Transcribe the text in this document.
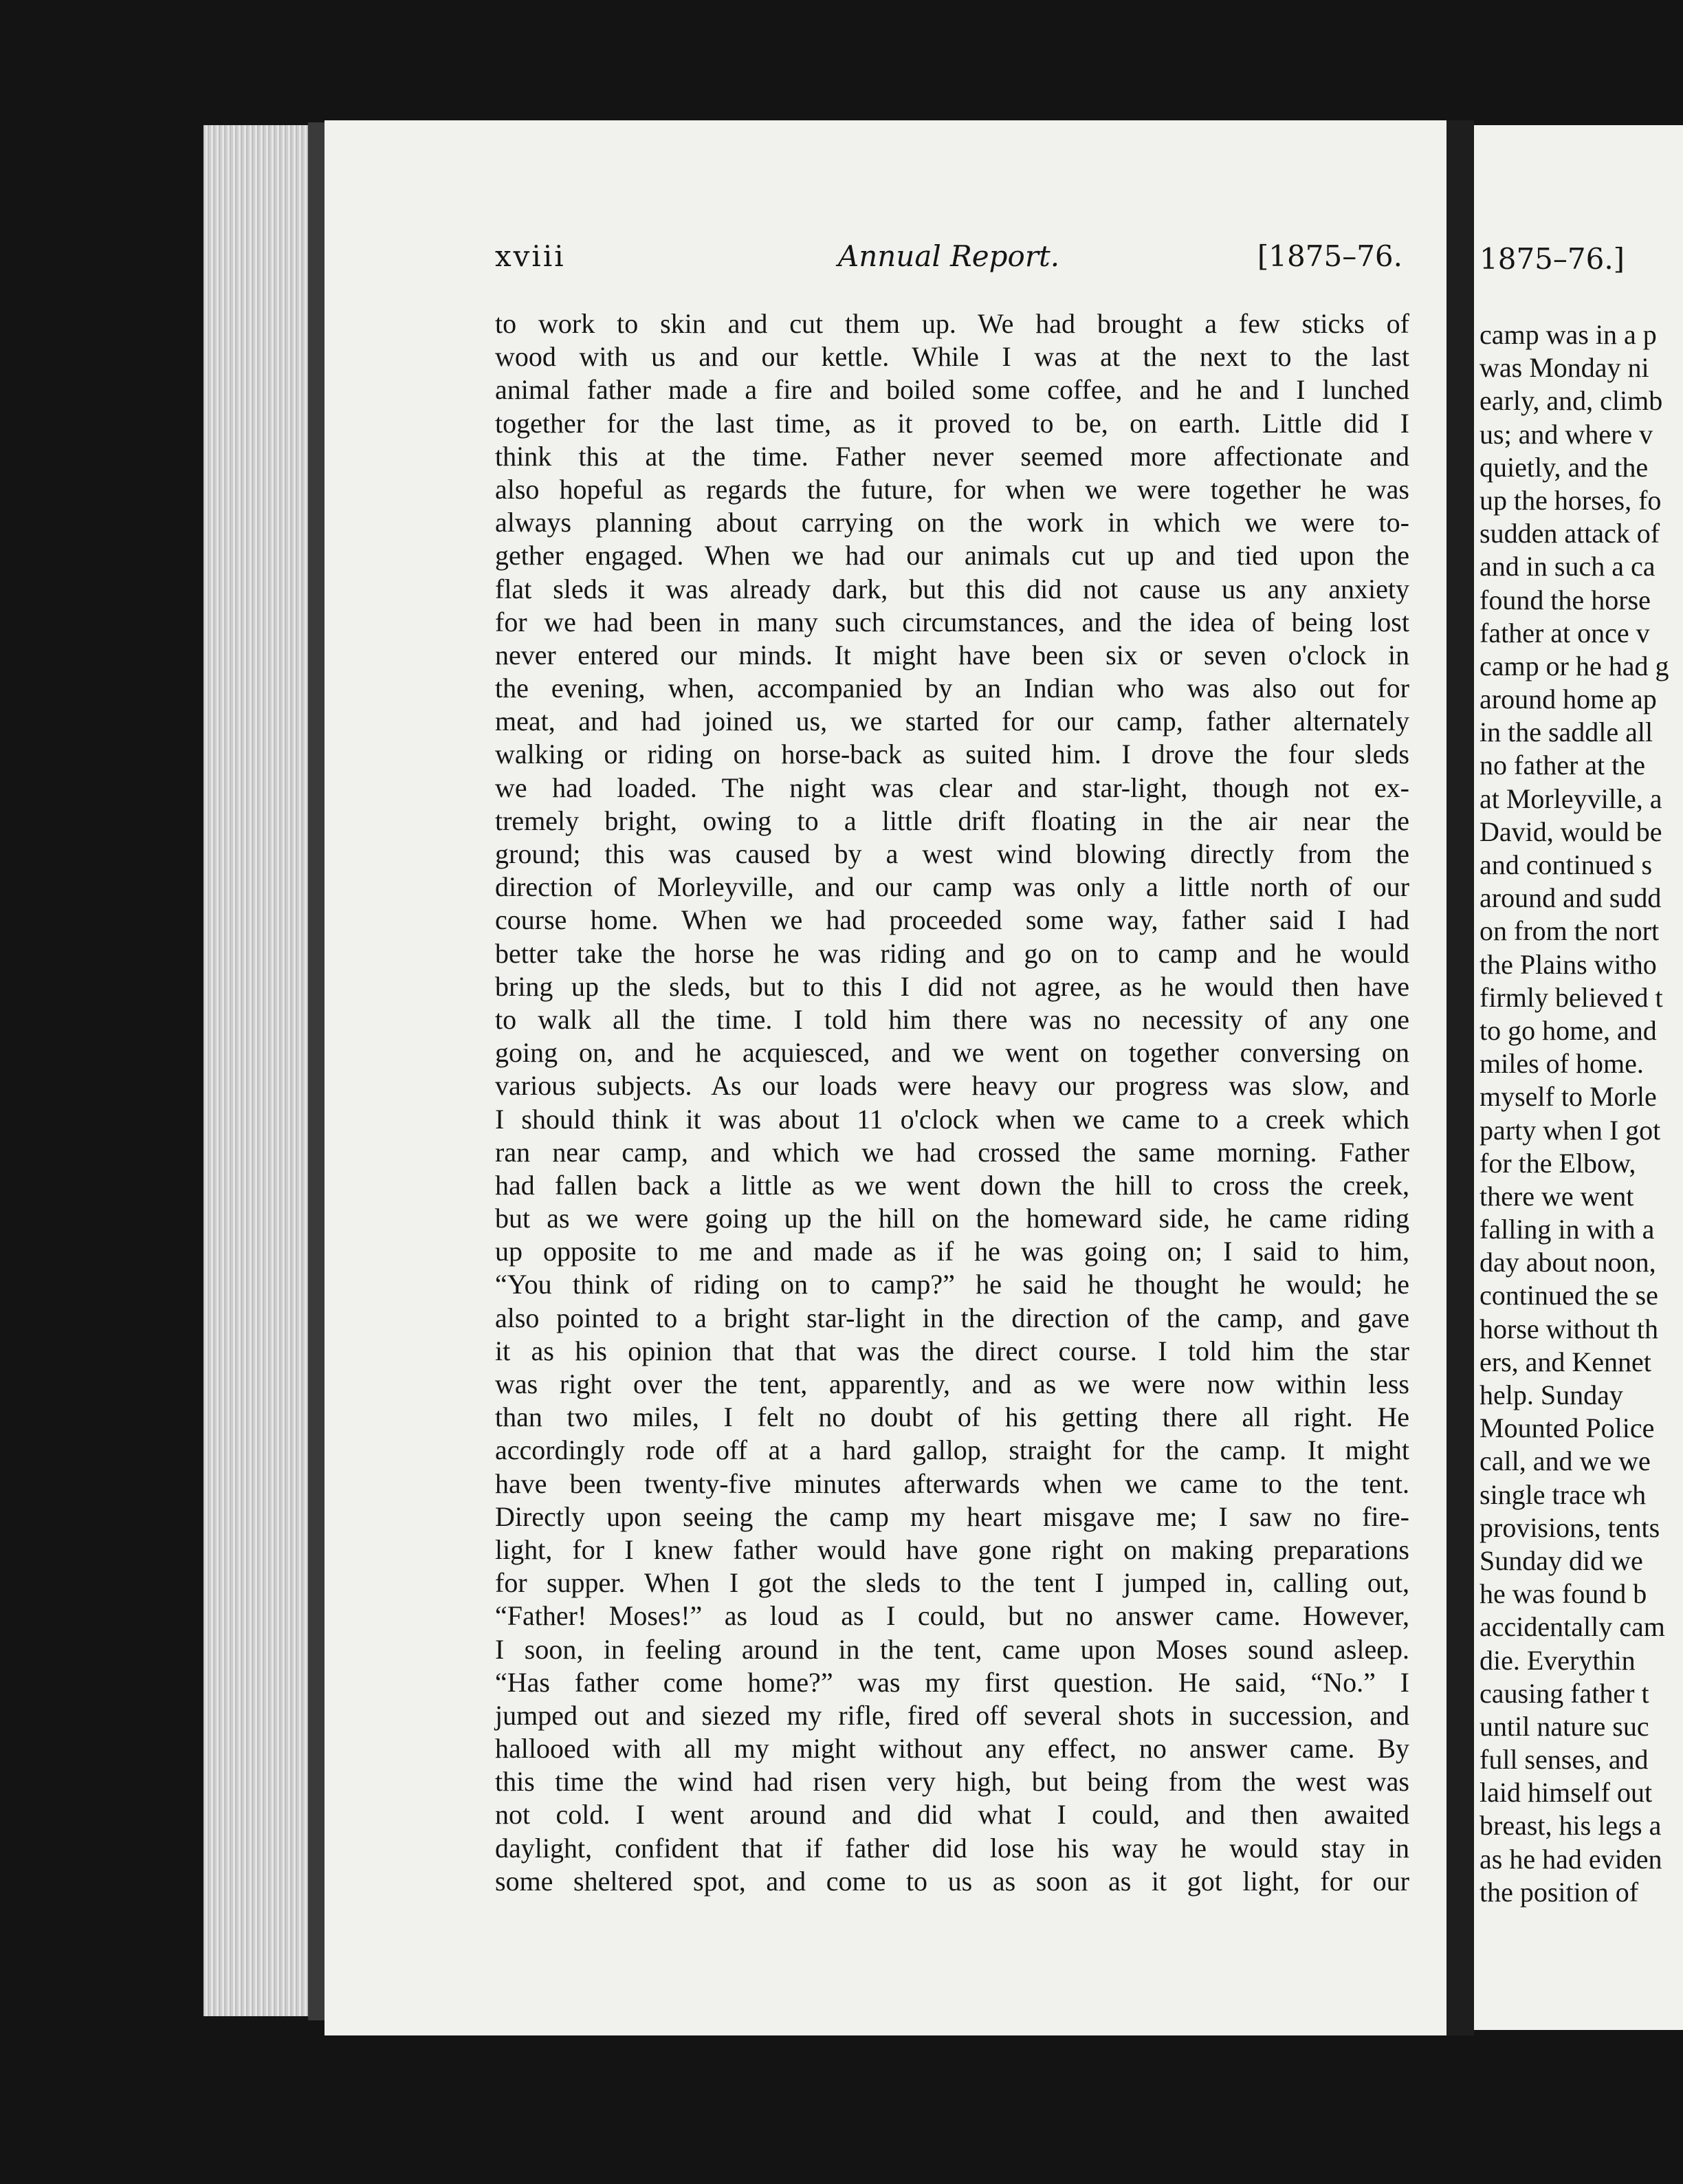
xviii	Annual Report.	[1875–76.
to work to skin and cut them up. We had brought a few sticks of
wood with us and our kettle. While I was at the next to the last
animal father made a fire and boiled some coffee, and he and I lunched
together for the last time, as it proved to be, on earth. Little did I
think this at the time. Father never seemed more affectionate and
also hopeful as regards the future, for when we were together he was
always planning about carrying on the work in which we were to-
gether engaged. When we had our animals cut up and tied upon the
flat sleds it was already dark, but this did not cause us any anxiety
for we had been in many such circumstances, and the idea of being lost
never entered our minds. It might have been six or seven o'clock in
the evening, when, accompanied by an Indian who was also out for
meat, and had joined us, we started for our camp, father alternately
walking or riding on horse-back as suited him. I drove the four sleds
we had loaded. The night was clear and star-light, though not ex-
tremely bright, owing to a little drift floating in the air near the
ground; this was caused by a west wind blowing directly from the
direction of Morleyville, and our camp was only a little north of our
course home. When we had proceeded some way, father said I had
better take the horse he was riding and go on to camp and he would
bring up the sleds, but to this I did not agree, as he would then have
to walk all the time. I told him there was no necessity of any one
going on, and he acquiesced, and we went on together conversing on
various subjects. As our loads were heavy our progress was slow, and
I should think it was about 11 o'clock when we came to a creek which
ran near camp, and which we had crossed the same morning. Father
had fallen back a little as we went down the hill to cross the creek,
but as we were going up the hill on the homeward side, he came riding
up opposite to me and made as if he was going on; I said to him,
“You think of riding on to camp?” he said he thought he would; he
also pointed to a bright star-light in the direction of the camp, and gave
it as his opinion that that was the direct course. I told him the star
was right over the tent, apparently, and as we were now within less
than two miles, I felt no doubt of his getting there all right. He
accordingly rode off at a hard gallop, straight for the camp. It might
have been twenty-five minutes afterwards when we came to the tent.
Directly upon seeing the camp my heart misgave me; I saw no fire-
light, for I knew father would have gone right on making preparations
for supper. When I got the sleds to the tent I jumped in, calling out,
“Father! Moses!” as loud as I could, but no answer came. However,
I soon, in feeling around in the tent, came upon Moses sound asleep.
“Has father come home?” was my first question. He said, “No.” I
jumped out and siezed my rifle, fired off several shots in succession, and
hallooed with all my might without any effect, no answer came. By
this time the wind had risen very high, but being from the west was
not cold. I went around and did what I could, and then awaited
daylight, confident that if father did lose his way he would stay in
some sheltered spot, and come to us as soon as it got light, for our
1875–76.]
camp was in a p
was Monday ni
early, and, climb
us; and where v
quietly, and the
up the horses, fo
sudden attack of
and in such a ca
found the horse
father at once v
camp or he had g
around home ap
in the saddle all
no father at the
at Morleyville, a
David, would be
and continued s
around and sudd
on from the nort
the Plains witho
firmly believed t
to go home, and
miles of home.
myself to Morle
party when I got
for the Elbow,
there we went
falling in with a
day about noon,
continued the se
horse without th
ers, and Kennet
help. Sunday
Mounted Police
call, and we we
single trace wh
provisions, tents
Sunday did we
he was found b
accidentally cam
die. Everythin
causing father t
until nature suc
full senses, and
laid himself out
breast, his legs a
as he had eviden
the position of
